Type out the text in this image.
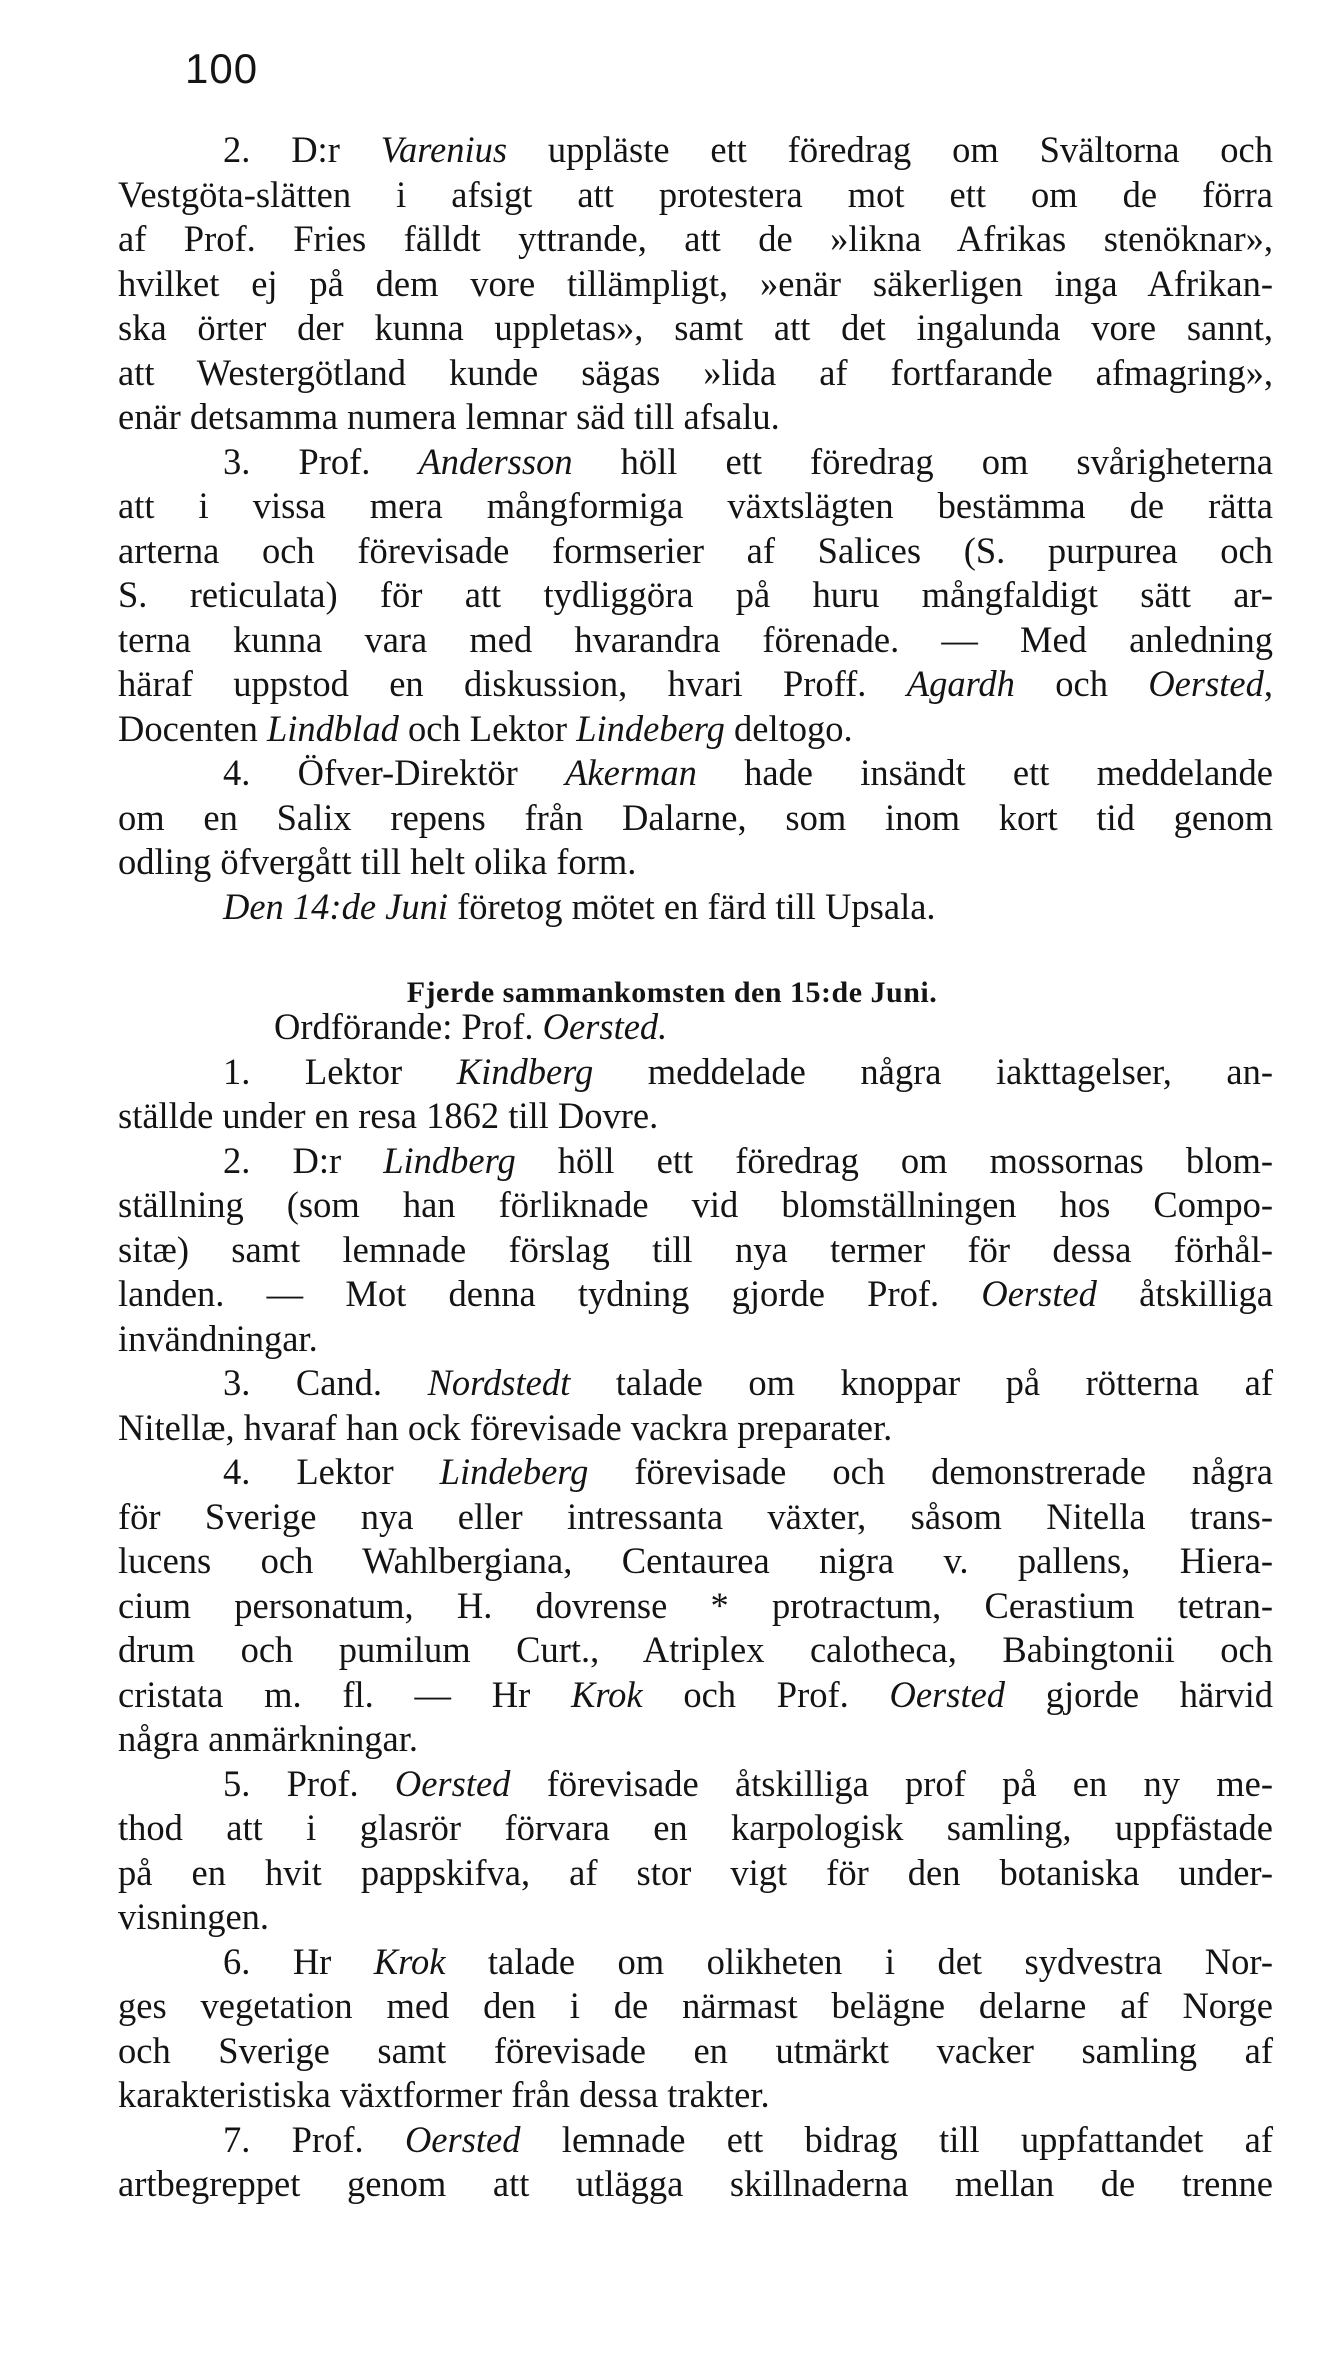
100
2. D:r Varenius uppläste ett föredrag om Svältorna och
Vestgöta-slätten i afsigt att protestera mot ett om de förra
af Prof. Fries fälldt yttrande, att de »likna Afrikas stenöknar»,
hvilket ej på dem vore tillämpligt, »enär säkerligen inga Afrikan-
ska örter der kunna uppletas», samt att det ingalunda vore sannt,
att Westergötland kunde sägas »lida af fortfarande afmagring»,
enär detsamma numera lemnar säd till afsalu.
3. Prof. Andersson höll ett föredrag om svårigheterna
att i vissa mera mångformiga växtslägten bestämma de rätta
arterna och förevisade formserier af Salices (S. purpurea och
S. reticulata) för att tydliggöra på huru mångfaldigt sätt ar-
terna kunna vara med hvarandra förenade. — Med anledning
häraf uppstod en diskussion, hvari Proff. Agardh och Oersted,
Docenten Lindblad och Lektor Lindeberg deltogo.
4. Öfver-Direktör Akerman hade insändt ett meddelande
om en Salix repens från Dalarne, som inom kort tid genom
odling öfvergått till helt olika form.
Den 14:de Juni företog mötet en färd till Upsala.
Fjerde sammankomsten den 15:de Juni.
Ordförande: Prof. Oersted.
1. Lektor Kindberg meddelade några iakttagelser, an-
ställde under en resa 1862 till Dovre.
2. D:r Lindberg höll ett föredrag om mossornas blom-
ställning (som han förliknade vid blomställningen hos Compo-
sitæ) samt lemnade förslag till nya termer för dessa förhål-
landen. — Mot denna tydning gjorde Prof. Oersted åtskilliga
invändningar.
3. Cand. Nordstedt talade om knoppar på rötterna af
Nitellæ, hvaraf han ock förevisade vackra preparater.
4. Lektor Lindeberg förevisade och demonstrerade några
för Sverige nya eller intressanta växter, såsom Nitella trans-
lucens och Wahlbergiana, Centaurea nigra v. pallens, Hiera-
cium personatum, H. dovrense * protractum, Cerastium tetran-
drum och pumilum Curt., Atriplex calotheca, Babingtonii och
cristata m. fl. — Hr Krok och Prof. Oersted gjorde härvid
några anmärkningar.
5. Prof. Oersted förevisade åtskilliga prof på en ny me-
thod att i glasrör förvara en karpologisk samling, uppfästade
på en hvit pappskifva, af stor vigt för den botaniska under-
visningen.
6. Hr Krok talade om olikheten i det sydvestra Nor-
ges vegetation med den i de närmast belägne delarne af Norge
och Sverige samt förevisade en utmärkt vacker samling af
karakteristiska växtformer från dessa trakter.
7. Prof. Oersted lemnade ett bidrag till uppfattandet af
artbegreppet genom att utlägga skillnaderna mellan de trenne
